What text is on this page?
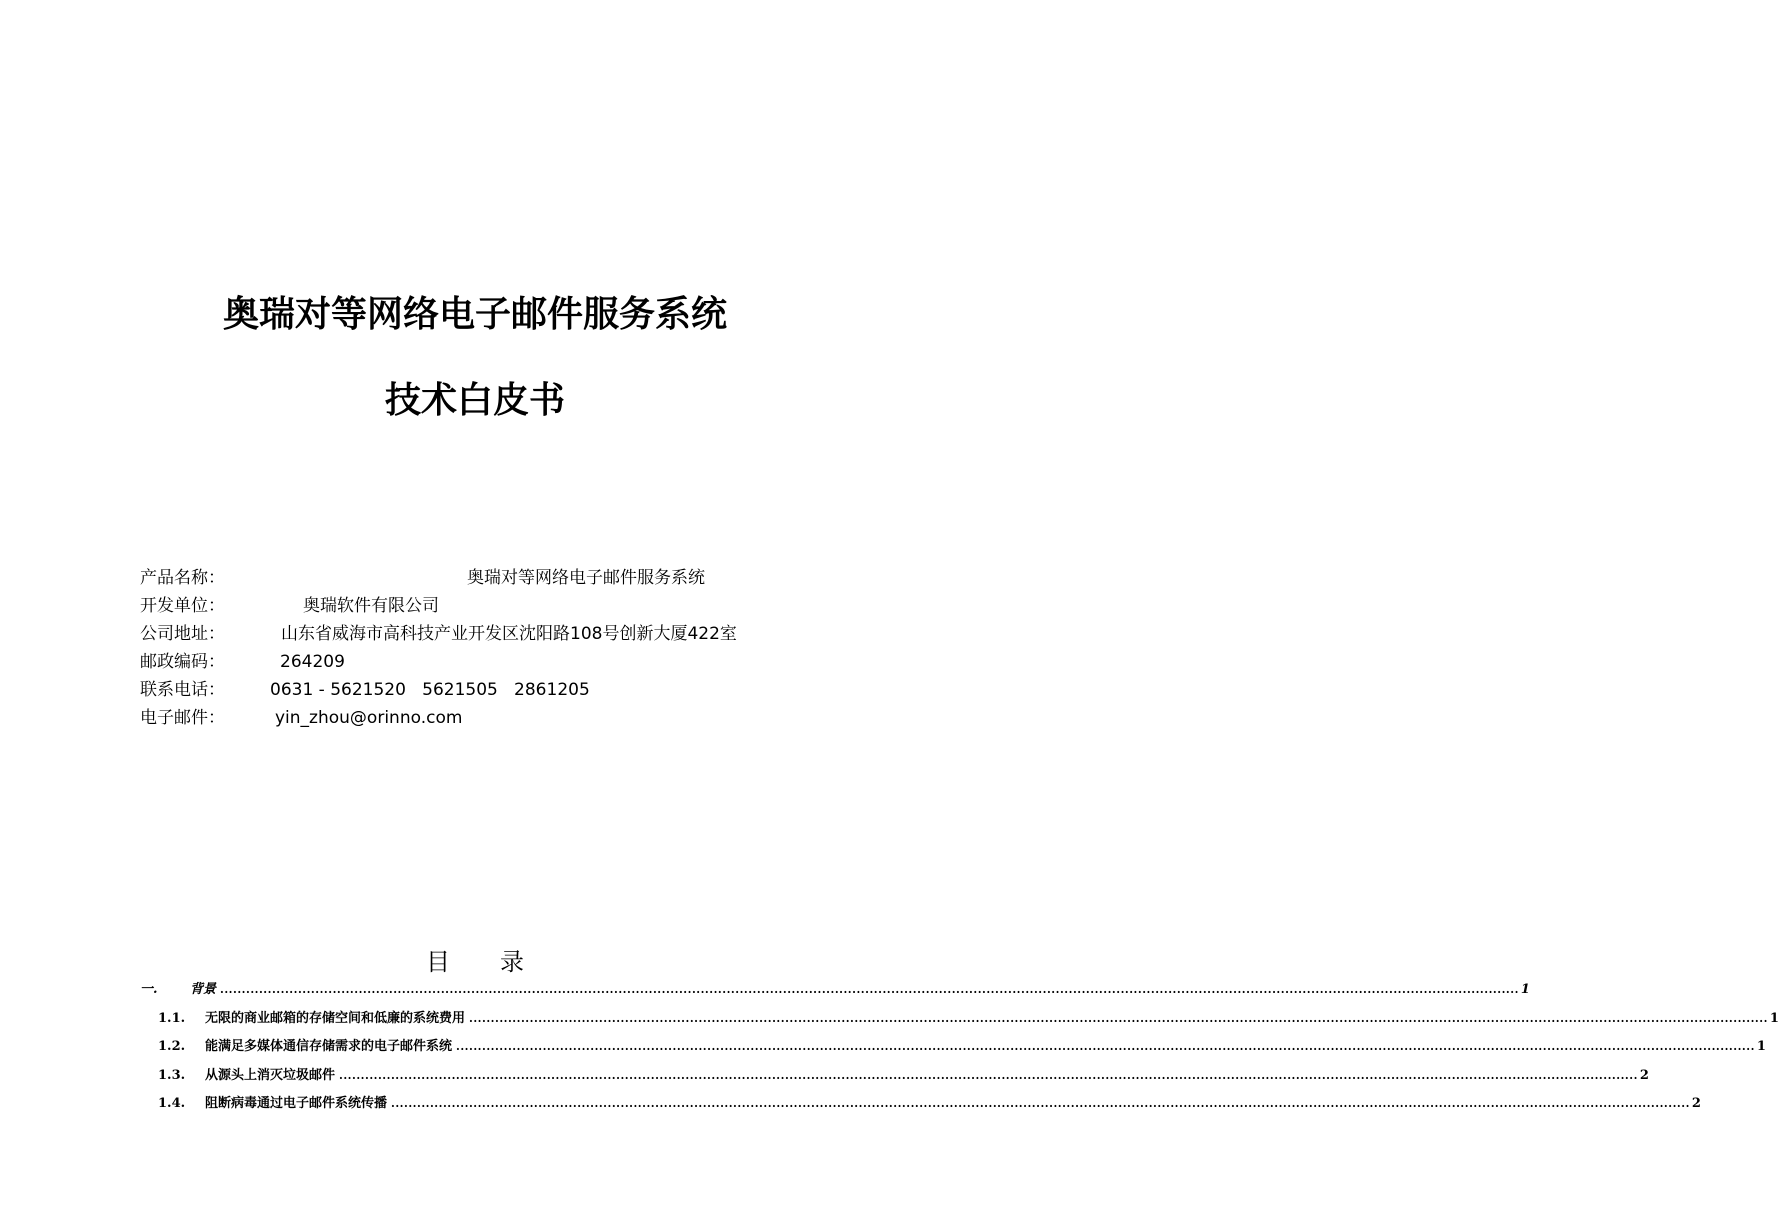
奥瑞对等网络电子邮件服务系统
技术白皮书
产品名称：	奥瑞对等网络电子邮件服务系统
开发单位：	奥瑞软件有限公司
公司地址：	山东省威海市高科技产业开发区沈阳路108号创新大厦422室
邮政编码：	264209
联系电话：	0631 - 5621520   5621505   2861205
电子邮件：	yin_zhou@orinno.com
目 录
一.	背景 ............................................................................................................................................................................................................................................................................................................ 1
1.1.	无限的商业邮箱的存储空间和低廉的系统费用 ............................................................................................................................................................................................................................................................................................................ 1
1.2.	能满足多媒体通信存储需求的电子邮件系统 ............................................................................................................................................................................................................................................................................................................ 1
1.3.	从源头上消灭垃圾邮件 ............................................................................................................................................................................................................................................................................................................ 2
1.4.	阻断病毒通过电子邮件系统传播 ............................................................................................................................................................................................................................................................................................................ 2
